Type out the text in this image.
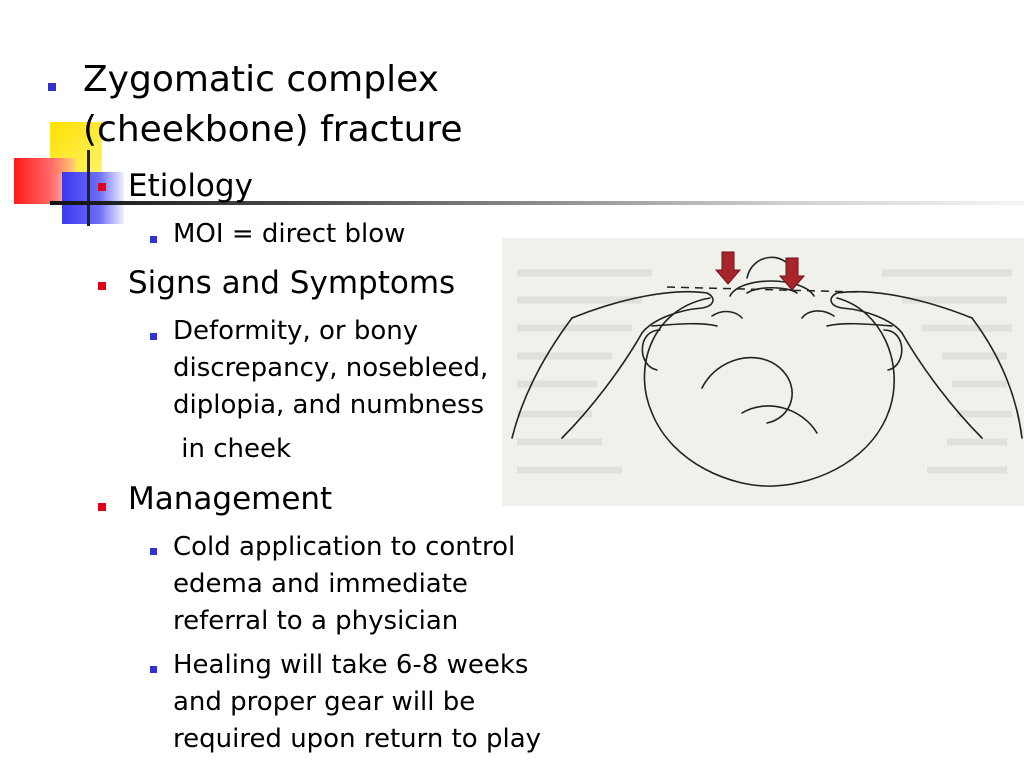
Zygomatic complex
(cheekbone) fracture
Etiology
MOI = direct blow
Signs and Symptoms
Deformity, or bony
discrepancy, nosebleed,
diplopia, and numbness
in cheek
Management
Cold application to control
edema and immediate
referral to a physician
Healing will take 6-8 weeks
and proper gear will be
required upon return to play
